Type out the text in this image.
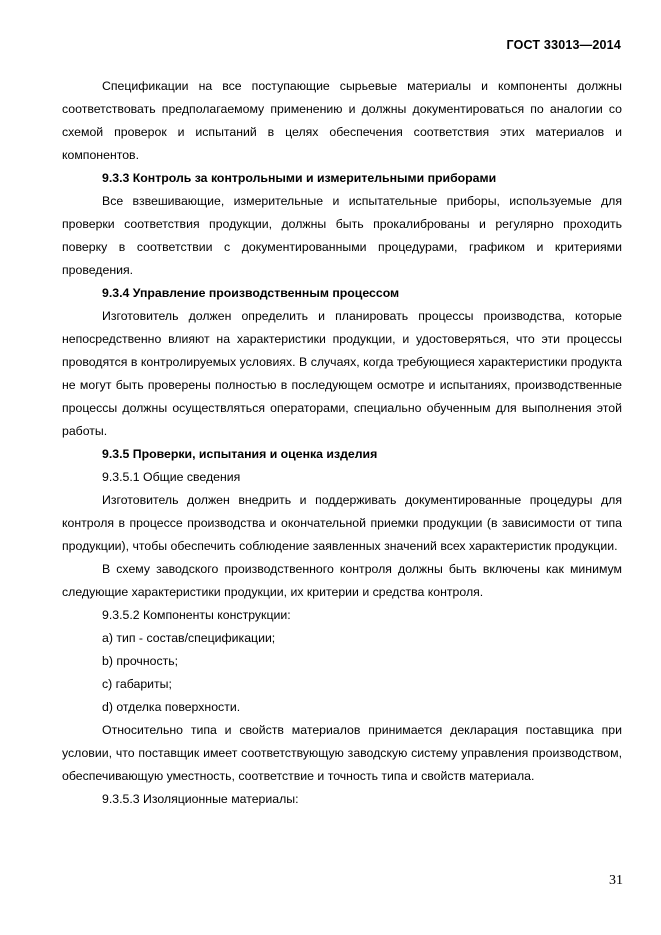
ГОСТ 33013—2014

Спецификации на все поступающие сырьевые материалы и компоненты должны соответствовать предполагаемому применению и должны документироваться по аналогии со схемой проверок и испытаний в целях обеспечения соответствия этих материалов и компонентов.

9.3.3 Контроль за контрольными и измерительными приборами

Все взвешивающие, измерительные и испытательные приборы, используемые для проверки соответствия продукции, должны быть прокалиброваны и регулярно проходить поверку в соответствии с документированными процедурами, графиком и критериями проведения.

9.3.4 Управление производственным процессом

Изготовитель должен определить и планировать процессы производства, которые непосредственно влияют на характеристики продукции, и удостоверяться, что эти процессы проводятся в контролируемых условиях. В случаях, когда требующиеся характеристики продукта не могут быть проверены полностью в последующем осмотре и испытаниях, производственные процессы должны осуществляться операторами, специально обученным для выполнения этой работы.

9.3.5 Проверки, испытания и оценка изделия

9.3.5.1 Общие сведения

Изготовитель должен внедрить и поддерживать документированные процедуры для контроля в процессе производства и окончательной приемки продукции (в зависимости от типа продукции), чтобы обеспечить соблюдение заявленных значений всех характеристик продукции.

В схему заводского производственного контроля должны быть включены как минимум следующие характеристики продукции, их критерии и средства контроля.

9.3.5.2 Компоненты конструкции:

a) тип - состав/спецификации;

b) прочность;

c) габариты;

d) отделка поверхности.

Относительно типа и свойств материалов принимается декларация поставщика при условии, что поставщик имеет соответствующую заводскую систему управления производством, обеспечивающую уместность, соответствие и точность типа и свойств материала.

9.3.5.3 Изоляционные материалы:

31
